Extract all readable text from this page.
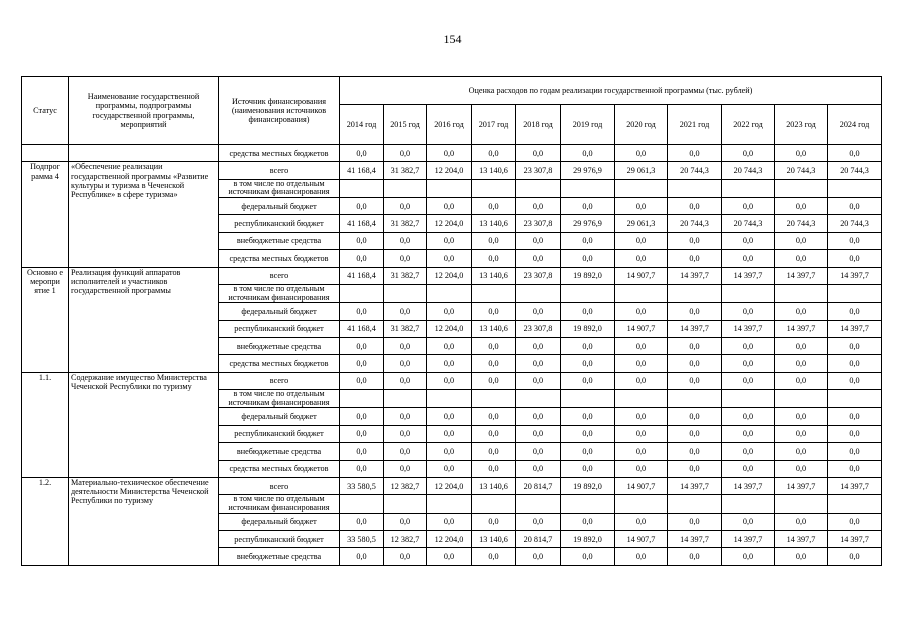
154
Статус	Наименование государственной программы, подпрограммы государственной программы, мероприятий	Источник финансирования (наименования источников финансирования)	Оценка расходов по годам реализации государственной программы (тыс. рублей)										
			2014 год	2015 год	2016 год	2017 год	2018 год	2019 год	2020 год	2021 год	2022 год	2023 год	2024 год
		средства местных бюджетов	0,0	0,0	0,0	0,0	0,0	0,0	0,0	0,0	0,0	0,0	0,0
Подпрог рамма 4	«Обеспечение реализации государственной программы «Развитие культуры и туризма в Чеченской Республике» в сфере туризма»	всего	41 168,4	31 382,7	12 204,0	13 140,6	23 307,8	29 976,9	29 061,3	20 744,3	20 744,3	20 744,3	20 744,3
		в том числе по отдельным источникам финансирования											
		федеральный бюджет	0,0	0,0	0,0	0,0	0,0	0,0	0,0	0,0	0,0	0,0	0,0
		республиканский бюджет	41 168,4	31 382,7	12 204,0	13 140,6	23 307,8	29 976,9	29 061,3	20 744,3	20 744,3	20 744,3	20 744,3
		внебюджетные средства	0,0	0,0	0,0	0,0	0,0	0,0	0,0	0,0	0,0	0,0	0,0
		средства местных бюджетов	0,0	0,0	0,0	0,0	0,0	0,0	0,0	0,0	0,0	0,0	0,0
Основно е меропри ятие 1	Реализация функций аппаратов исполнителей и участников государственной программы	всего	41 168,4	31 382,7	12 204,0	13 140,6	23 307,8	19 892,0	14 907,7	14 397,7	14 397,7	14 397,7	14 397,7
		в том числе по отдельным источникам финансирования											
		федеральный бюджет	0,0	0,0	0,0	0,0	0,0	0,0	0,0	0,0	0,0	0,0	0,0
		республиканский бюджет	41 168,4	31 382,7	12 204,0	13 140,6	23 307,8	19 892,0	14 907,7	14 397,7	14 397,7	14 397,7	14 397,7
		внебюджетные средства	0,0	0,0	0,0	0,0	0,0	0,0	0,0	0,0	0,0	0,0	0,0
		средства местных бюджетов	0,0	0,0	0,0	0,0	0,0	0,0	0,0	0,0	0,0	0,0	0,0
1.1.	Содержание имущество Министерства Чеченской Республики по туризму	всего	0,0	0,0	0,0	0,0	0,0	0,0	0,0	0,0	0,0	0,0	0,0
		в том числе по отдельным источникам финансирования											
		федеральный бюджет	0,0	0,0	0,0	0,0	0,0	0,0	0,0	0,0	0,0	0,0	0,0
		республиканский бюджет	0,0	0,0	0,0	0,0	0,0	0,0	0,0	0,0	0,0	0,0	0,0
		внебюджетные средства	0,0	0,0	0,0	0,0	0,0	0,0	0,0	0,0	0,0	0,0	0,0
		средства местных бюджетов	0,0	0,0	0,0	0,0	0,0	0,0	0,0	0,0	0,0	0,0	0,0
1.2.	Материально-техническое обеспечение деятельности Министерства Чеченской Республики по туризму	всего	33 580,5	12 382,7	12 204,0	13 140,6	20 814,7	19 892,0	14 907,7	14 397,7	14 397,7	14 397,7	14 397,7
		в том числе по отдельным источникам финансирования											
		федеральный бюджет	0,0	0,0	0,0	0,0	0,0	0,0	0,0	0,0	0,0	0,0	0,0
		республиканский бюджет	33 580,5	12 382,7	12 204,0	13 140,6	20 814,7	19 892,0	14 907,7	14 397,7	14 397,7	14 397,7	14 397,7
		внебюджетные средства	0,0	0,0	0,0	0,0	0,0	0,0	0,0	0,0	0,0	0,0	0,0
